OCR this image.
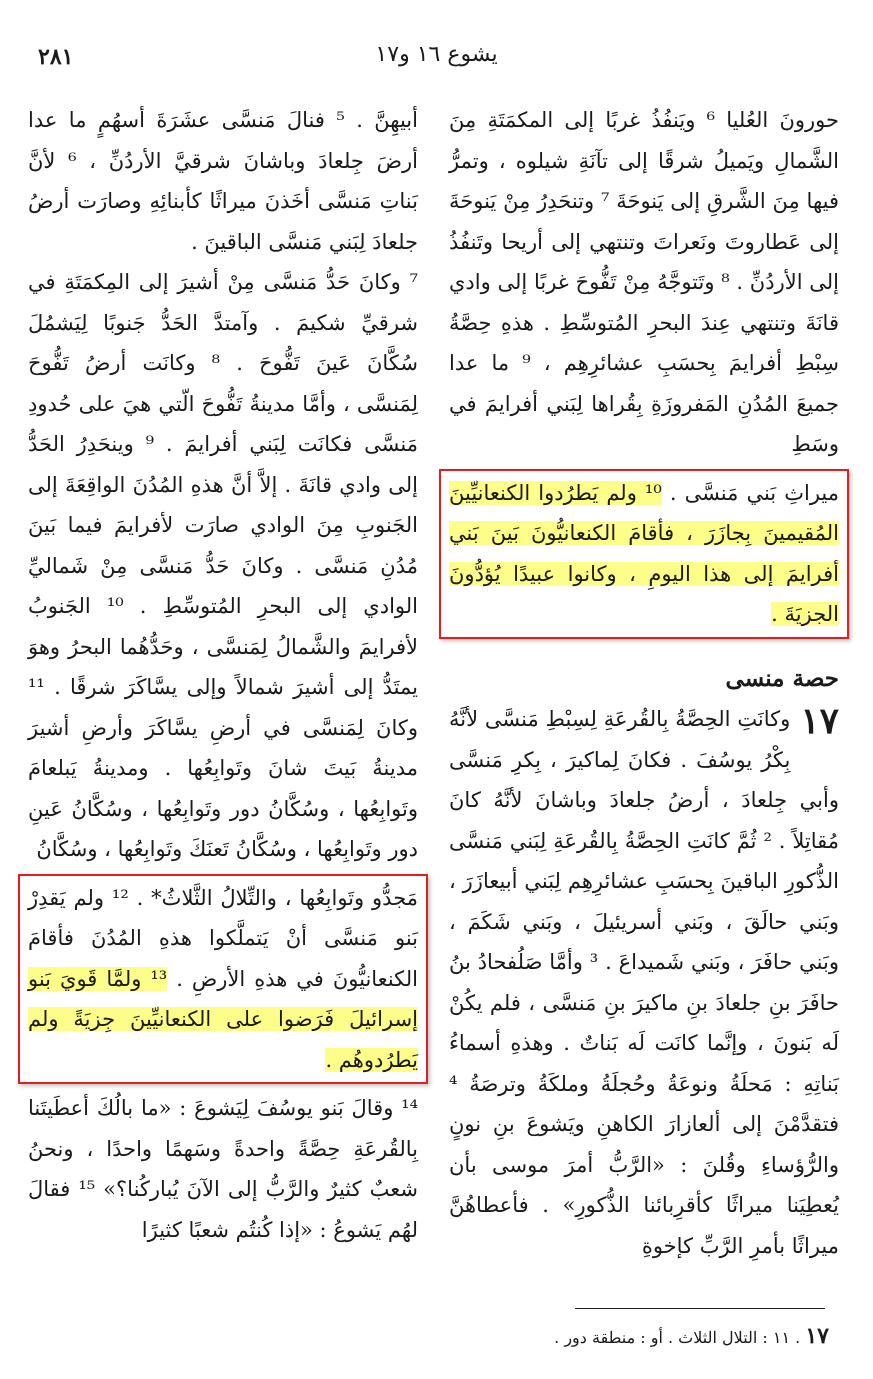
٢٨١	يشوع ١٦ و١٧

حورونَ العُليا ⁶ ويَنفُذُ غربًا إلى المكمَتَةِ مِنَ الشَّمالِ ويَميلُ شرقًا إلى تآنَةِ شيلوه ، وتمرُّ فيها مِنَ الشَّرقِ إلى يَنوحَةَ ⁷ وتنحَدِرُ مِنْ يَنوحَةَ إلى عَطاروتَ ونَعراتَ وتنتهي إلى أريحا وتَنفُذُ إلى الأردُنِّ . ⁸ وتَتوجَّهُ مِنْ تَفُّوحَ غربًا إلى وادي قانَةَ وتنتهي عِندَ البحرِ المُتوسِّطِ . هذهِ حِصَّةُ سِبْطِ أفرايمَ بِحسَبِ عشائرِهِم ، ⁹ ما عدا جميعَ المُدُنِ المَفروزَةِ بِقُراها لِبَني أفرايمَ في وسَطِ

ميراثِ بَني مَنسَّى . ¹⁰ ولم يَطرُدوا الكنعانيِّينَ المُقيمينَ بِجازَرَ ، فأقامَ الكنعانيُّونَ بَينَ بَني أفرايمَ إلى هذا اليومِ ، وكانوا عبيدًا يُؤدُّونَ الجزيَةَ .
حصة منسى

١٧
وكانَتِ الحِصَّةُ بِالقُرعَةِ لِسِبْطِ مَنسَّى لأنَّهُ بِكْرُ يوسُفَ . فكانَ لِماكيرَ ، بِكرِ مَنسَّى وأبي جِلعادَ ، أرضُ جلعادَ وباشانَ لأنَّهُ كانَ مُقاتِلاً . ² ثُمَّ كانَتِ الحِصَّةُ بِالقُرعَةِ لِبَني مَنسَّى الذُّكورِ الباقينَ بِحسَبِ عشائرِهِم لِبَني أبيعازَرَ ، وبَني حالَقَ ، وبَني أسريئيلَ ، وبَني شَكَمَ ، وبَني حافَرَ ، وبَني شَميداعَ . ³ وأمَّا صَلُفحادُ بنُ حافَرَ بنِ جلعادَ بنِ ماكيرَ بنِ مَنسَّى ، فلم يكُنْ لَه بَنونَ ، وإنَّما كانَت لَه بَناتٌ . وهذهِ أسماءُ بَناتِهِ : مَحلَةُ ونوعَةُ وحُجلَةُ وملكَةُ وترصَةُ ⁴ فتقدَّمْنَ إلى ألعازارَ الكاهنِ ويَشوعَ بنِ نونٍ والرُّؤساءِ وقُلنَ : «الرَّبُّ أمرَ موسى بأن يُعطِيَنا ميراثًا كأقرِبائنا الذُّكورِ» . فأعطاهُنَّ ميراثًا بأمرِ الرَّبِّ كإخوةِ

أبيهِنَّ . ⁵ فنالَ مَنسَّى عشَرَةَ أسهُمٍ ما عدا أرضَ جِلعادَ وباشانَ شرقيَّ الأردُنِّ ، ⁶ لأنَّ بَناتِ مَنسَّى أخَذنَ ميراثًا كأبنائِهِ وصارَت أرضُ جلعادَ لِبَني مَنسَّى الباقينَ .

⁷ وكانَ حَدُّ مَنسَّى مِنْ أشيرَ إلى المِكمَتَةِ في شرقيِّ شكيمَ . وآمتدَّ الحَدُّ جَنوبًا لِيَشمُلَ سُكَّانَ عَينَ تَفُّوحَ . ⁸ وكانَت أرضُ تَفُّوحَ لِمَنسَّى ، وأمَّا مدينةُ تَفُّوحَ الّتي هيَ على حُدودِ مَنسَّى فكانَت لِبَني أفرايمَ . ⁹ وينحَدِرُ الحَدُّ إلى وادي قانَةَ . إلاَّ أنَّ هذهِ المُدُنَ الواقِعَةَ إلى الجَنوبِ مِنَ الوادي صارَت لأفرايمَ فيما بَينَ مُدُنِ مَنسَّى . وكانَ حَدُّ مَنسَّى مِنْ شَماليِّ الوادي إلى البحرِ المُتوسِّطِ . ¹⁰ الجَنوبُ لأفرايمَ والشَّمالُ لِمَنسَّى ، وحَدُّهُما البحرُ وهوَ يمتَدُّ إلى أشيرَ شمالاً وإلى يسَّاكَرَ شرقًا . ¹¹ وكانَ لِمَنسَّى في أرضِ يسَّاكَرَ وأرضِ أشيرَ مدينةُ بَيتَ شانَ وتَوابِعُها . ومدينةُ يَبلعامَ وتَوابِعُها ، وسُكَّانُ دور وتَوابِعُها ، وسُكَّانُ عَينِ دور وتَوابِعُها ، وسُكَّانُ تَعنَكَ وتَوابِعُها ، وسُكَّانُ

مَجدُّو وتَوابِعُها ، والتِّلالُ الثَّلاثُ* . ¹² ولم يَقدِرْ بَنو مَنسَّى أنْ يَتملَّكوا هذهِ المُدُنَ فأقامَ الكنعانيُّونَ في هذهِ الأرضِ . ¹³ ولمَّا قَويَ بَنو إسرائيلَ فَرَضوا على الكنعانيِّينَ جِزيَةً ولم يَطرُدوهُم .

¹⁴ وقالَ بَنو يوسُفَ لِيَشوعَ : «ما بالُكَ أعطَيتَنا بِالقُرعَةِ حِصَّةً واحدةً وسَهمًا واحدًا ، ونحنُ شعبٌ كثيرٌ والرَّبُّ إلى الآنَ يُباركُنا؟» ¹⁵ فقالَ لهُم يَشوعُ : «إذا كُنتُم شعبًا كثيرًا

١٧ . ١١ : التلال الثلاث . أو : منطقة دور .
